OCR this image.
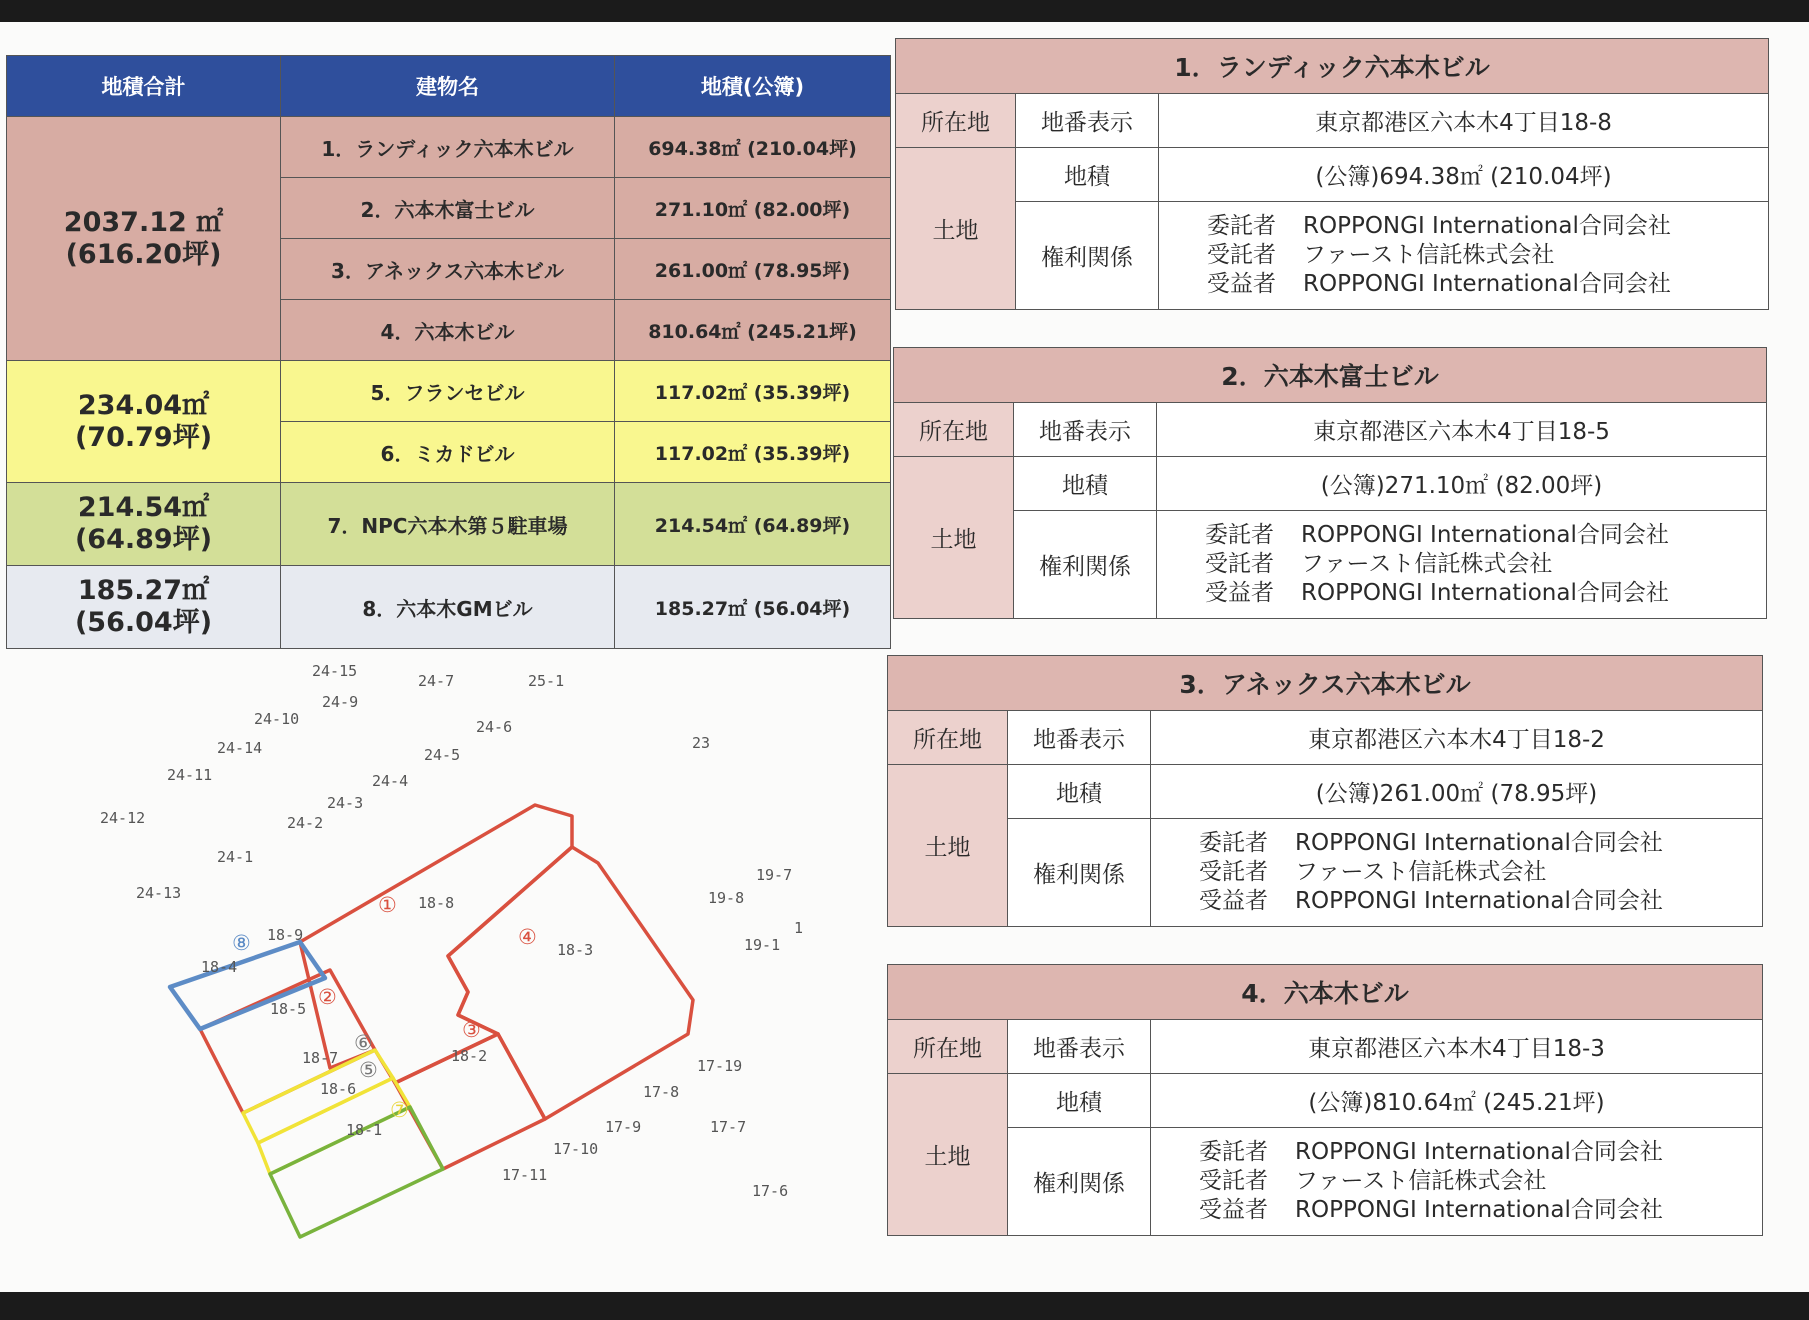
地積合計	建物名	地積(公簿)

2037.12 ㎡
(616.20坪)	1．ランディック六本木ビル	694.38㎡ (210.04坪)
	2．六本木富士ビル	271.10㎡ (82.00坪)
	3．アネックス六本木ビル	261.00㎡ (78.95坪)
	4．六本木ビル	810.64㎡ (245.21坪)

234.04㎡
(70.79坪)	5．フランセビル	117.02㎡ (35.39坪)
	6．ミカドビル	117.02㎡ (35.39坪)

214.54㎡
(64.89坪)	7．NPC六本木第５駐車場	214.54㎡ (64.89坪)

185.27㎡
(56.04坪)	8．六本木GMビル	185.27㎡ (56.04坪)
1．ランディック六本木ビル		
所在地	地番表示	東京都港区六本木4丁目18-8
土地	地積	(公簿)694.38㎡ (210.04坪)
	権利関係	委託者 ROPPONGI International合同会社
受託者 ファースト信託株式会社
受益者 ROPPONGI International合同会社
2．六本木富士ビル		
所在地	地番表示	東京都港区六本木4丁目18-5
土地	地積	(公簿)271.10㎡ (82.00坪)
	権利関係	委託者 ROPPONGI International合同会社
受託者 ファースト信託株式会社
受益者 ROPPONGI International合同会社
3．アネックス六本木ビル		
所在地	地番表示	東京都港区六本木4丁目18-2
土地	地積	(公簿)261.00㎡ (78.95坪)
	権利関係	委託者 ROPPONGI International合同会社
受託者 ファースト信託株式会社
受益者 ROPPONGI International合同会社
4．六本木ビル		
所在地	地番表示	東京都港区六本木4丁目18-3
土地	地積	(公簿)810.64㎡ (245.21坪)
	権利関係	委託者 ROPPONGI International合同会社
受託者 ファースト信託株式会社
受益者 ROPPONGI International合同会社
24-15
24-7	25-1
24-9
24-10	24-6
24-14	24-5
23
24-11	24-4
24-3
24-12	24-2
24-1
19-7
24-13	19-8
1
19-1
18-8
18-9
18-3
18-4
18-5
18-7	18-2
17-19
18-6	17-8
17-9	17-7
18-1
17-10
17-11
17-6
①
②
③
④
⑤
⑥
⑦
⑧
